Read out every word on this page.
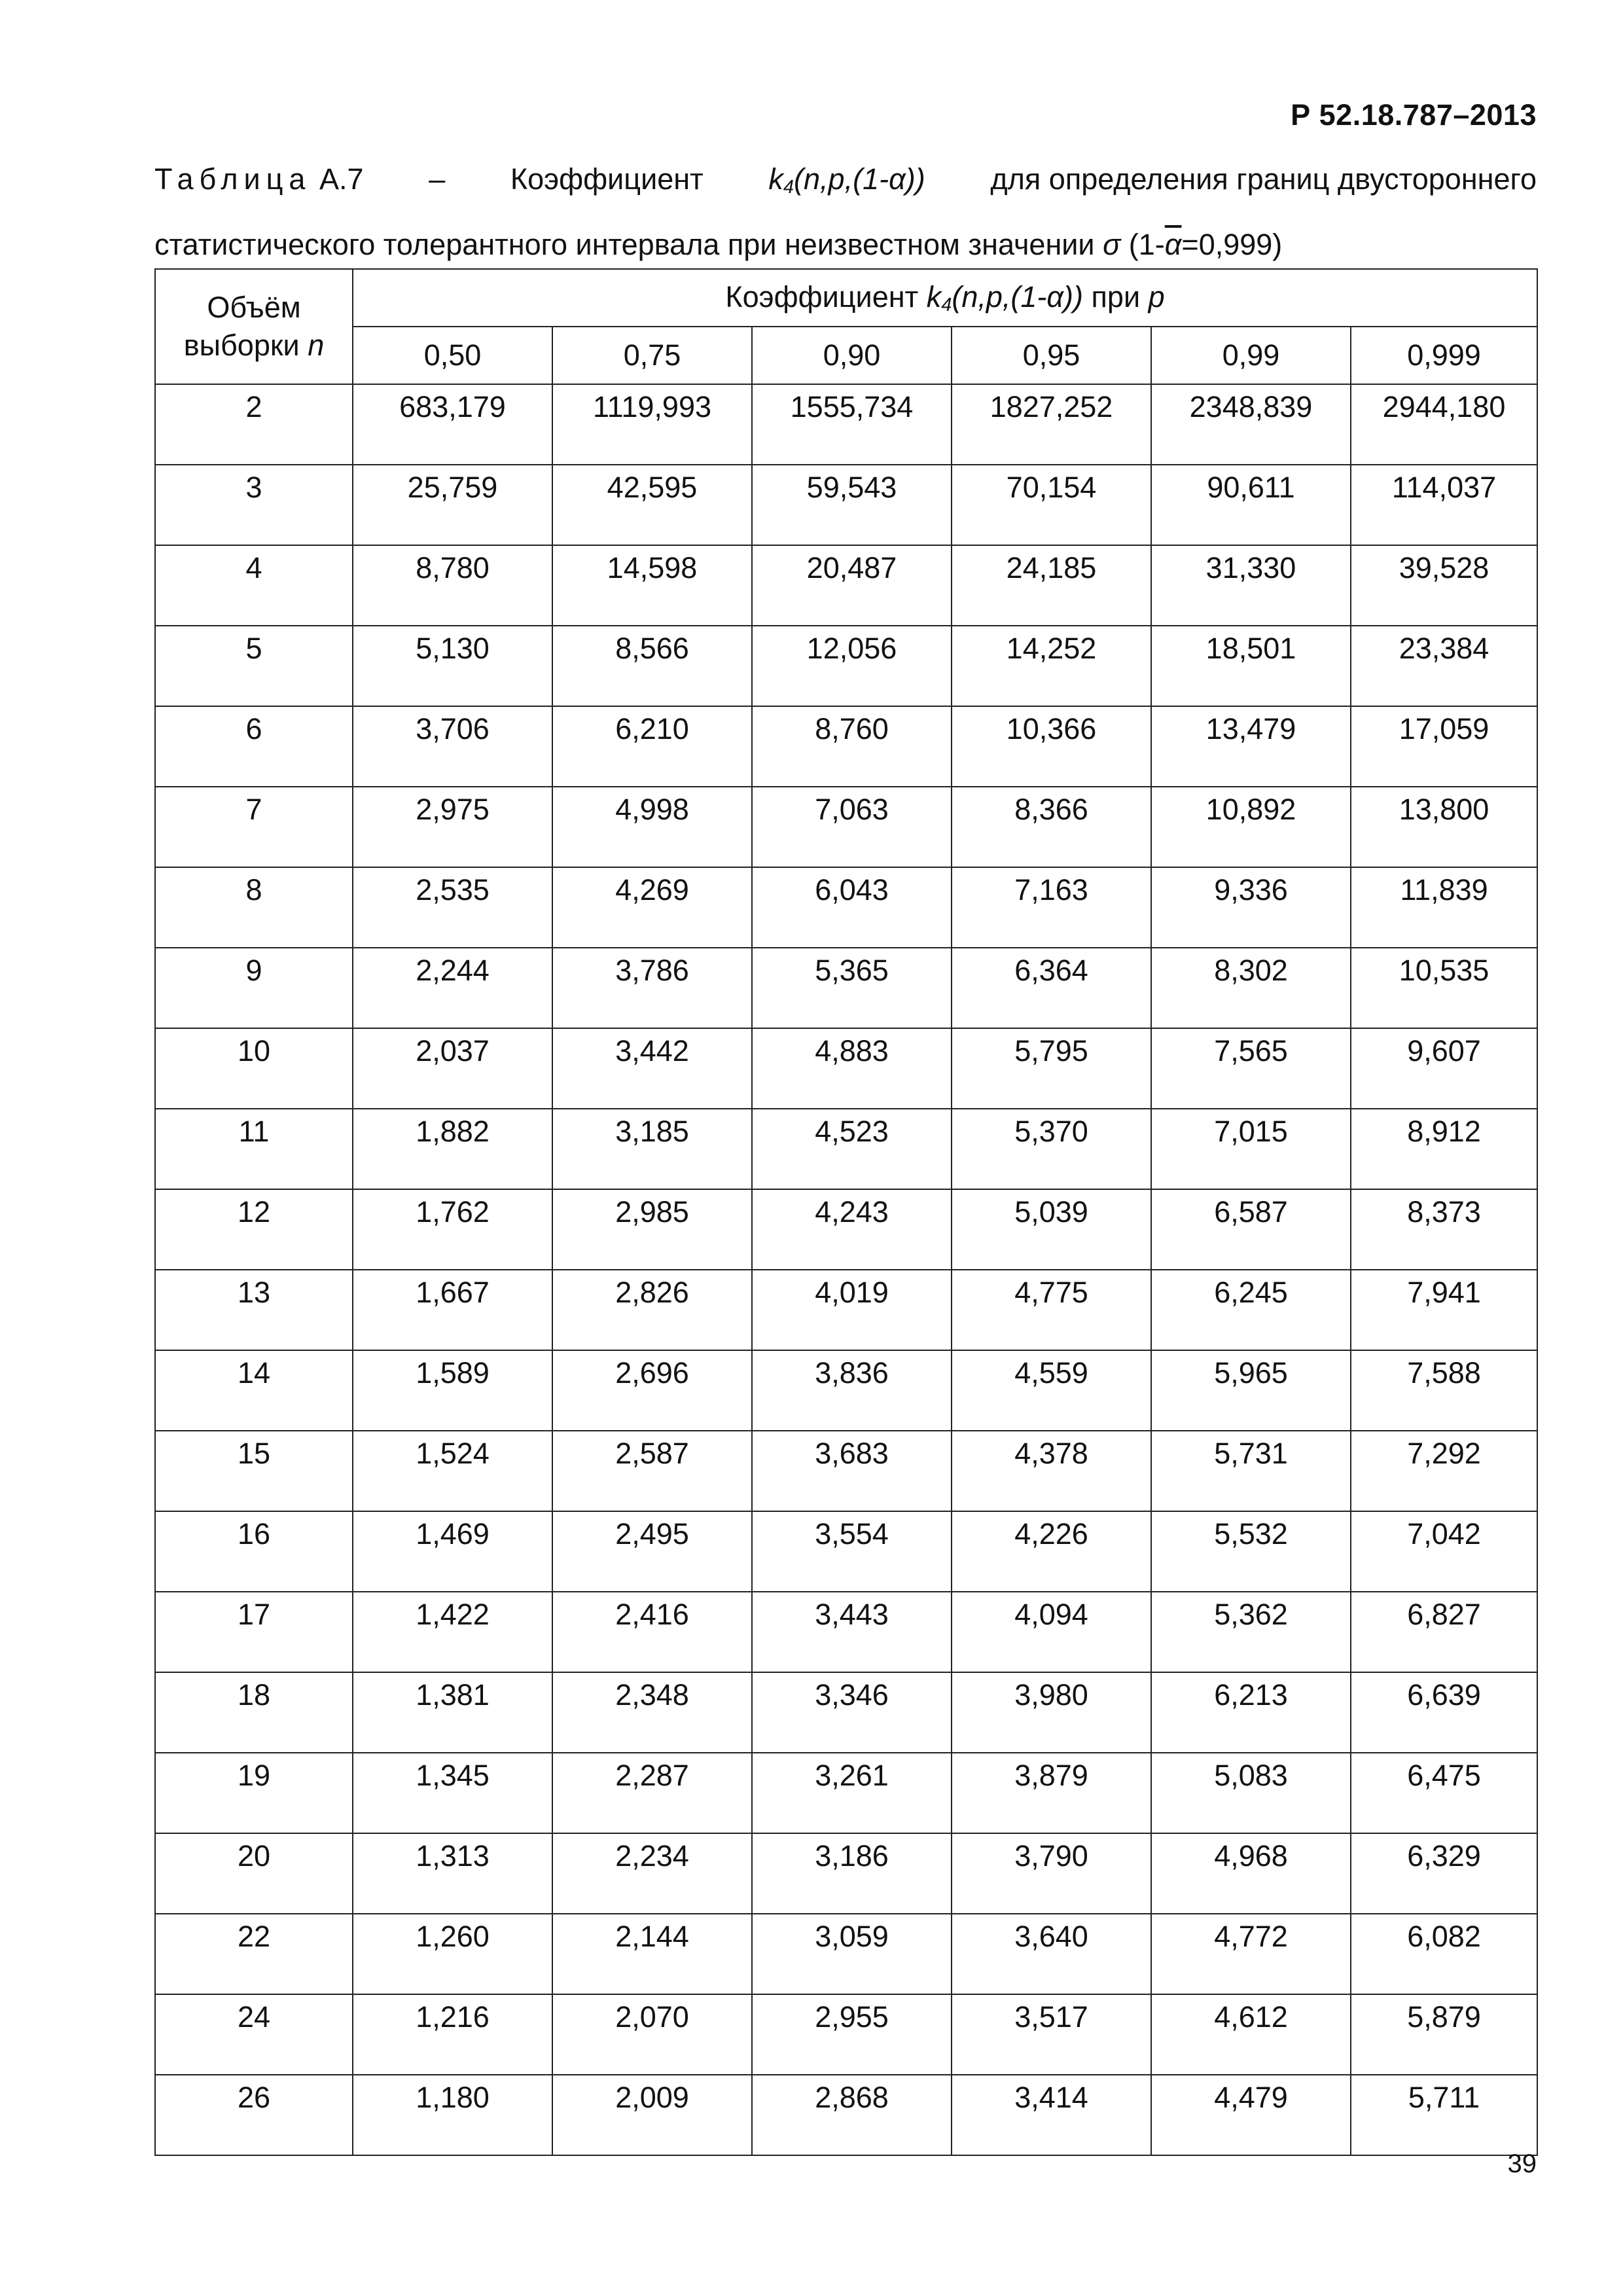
Р 52.18.787–2013
Таблица А.7 – Коэффициент $k_4(n,p,(1-\alpha))$ для определения границ двустороннего
статистического толерантного интервала при неизвестном значении σ $(1-\overline{\alpha}=0,999)$
Объём
выборки n	Коэффициент $k_4(n,p,(1-\alpha))$ при p					
	0,50	0,75	0,90	0,95	0,99	0,999
2	683,179	1119,993	1555,734	1827,252	2348,839	2944,180
3	25,759	42,595	59,543	70,154	90,611	114,037
4	8,780	14,598	20,487	24,185	31,330	39,528
5	5,130	8,566	12,056	14,252	18,501	23,384
6	3,706	6,210	8,760	10,366	13,479	17,059
7	2,975	4,998	7,063	8,366	10,892	13,800
8	2,535	4,269	6,043	7,163	9,336	11,839
9	2,244	3,786	5,365	6,364	8,302	10,535
10	2,037	3,442	4,883	5,795	7,565	9,607
11	1,882	3,185	4,523	5,370	7,015	8,912
12	1,762	2,985	4,243	5,039	6,587	8,373
13	1,667	2,826	4,019	4,775	6,245	7,941
14	1,589	2,696	3,836	4,559	5,965	7,588
15	1,524	2,587	3,683	4,378	5,731	7,292
16	1,469	2,495	3,554	4,226	5,532	7,042
17	1,422	2,416	3,443	4,094	5,362	6,827
18	1,381	2,348	3,346	3,980	6,213	6,639
19	1,345	2,287	3,261	3,879	5,083	6,475
20	1,313	2,234	3,186	3,790	4,968	6,329
22	1,260	2,144	3,059	3,640	4,772	6,082
24	1,216	2,070	2,955	3,517	4,612	5,879
26	1,180	2,009	2,868	3,414	4,479	5,711
39
